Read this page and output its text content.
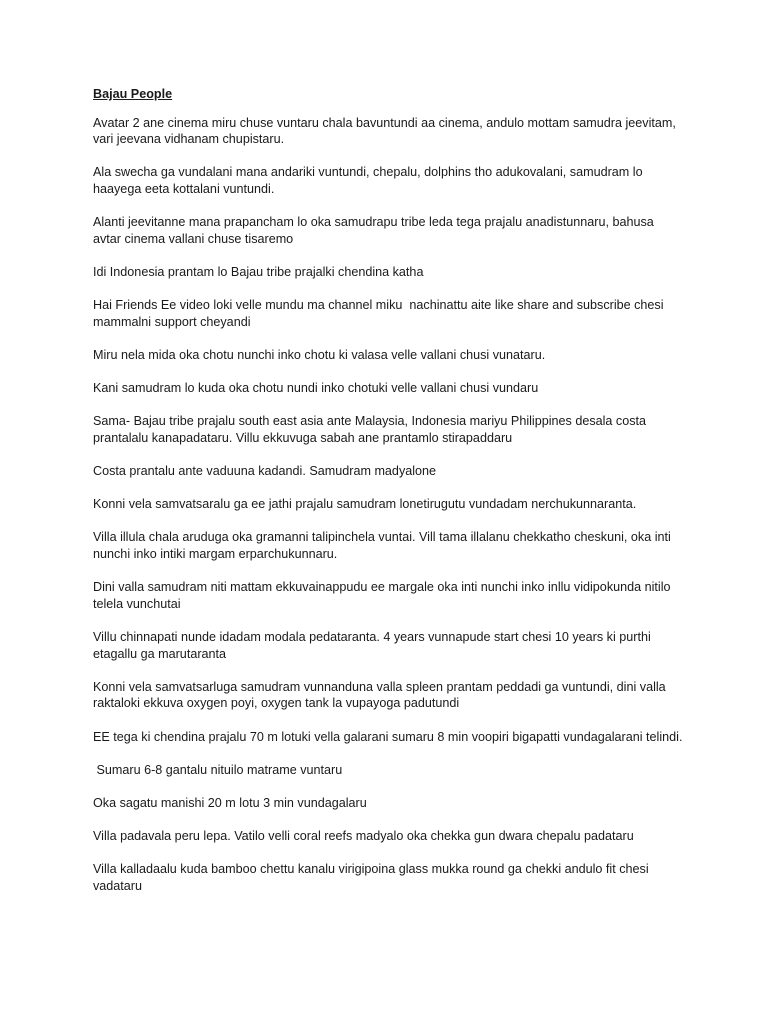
Bajau People

Avatar 2 ane cinema miru chuse vuntaru chala bavuntundi aa cinema, andulo mottam samudra jeevitam, vari jeevana vidhanam chupistaru.

Ala swecha ga vundalani mana andariki vuntundi, chepalu, dolphins tho adukovalani, samudram lo haayega eeta kottalani vuntundi.

Alanti jeevitanne mana prapancham lo oka samudrapu tribe leda tega prajalu anadistunnaru, bahusa avtar cinema vallani chuse tisaremo

Idi Indonesia prantam lo Bajau tribe prajalki chendina katha

Hai Friends Ee video loki velle mundu ma channel miku  nachinattu aite like share and subscribe chesi mammalni support cheyandi

Miru nela mida oka chotu nunchi inko chotu ki valasa velle vallani chusi vunataru.

Kani samudram lo kuda oka chotu nundi inko chotuki velle vallani chusi vundaru

Sama- Bajau tribe prajalu south east asia ante Malaysia, Indonesia mariyu Philippines desala costa prantalalu kanapadataru. Villu ekkuvuga sabah ane prantamlo stirapaddaru

Costa prantalu ante vaduuna kadandi. Samudram madyalone

Konni vela samvatsaralu ga ee jathi prajalu samudram lonetirugutu vundadam nerchukunnaranta.

Villa illula chala aruduga oka gramanni talipinchela vuntai. Vill tama illalanu chekkatho cheskuni, oka inti nunchi inko intiki margam erparchukunnaru.

Dini valla samudram niti mattam ekkuvainappudu ee margale oka inti nunchi inko inllu vidipokunda nitilo telela vunchutai

Villu chinnapati nunde idadam modala pedataranta. 4 years vunnapude start chesi 10 years ki purthi etagallu ga marutaranta

Konni vela samvatsarluga samudram vunnanduna valla spleen prantam peddadi ga vuntundi, dini valla raktaloki ekkuva oxygen poyi, oxygen tank la vupayoga padutundi

EE tega ki chendina prajalu 70 m lotuki vella galarani sumaru 8 min voopiri bigapatti vundagalarani telindi.

Sumaru 6-8 gantalu nituilo matrame vuntaru

Oka sagatu manishi 20 m lotu 3 min vundagalaru

Villa padavala peru lepa. Vatilo velli coral reefs madyalo oka chekka gun dwara chepalu padataru

Villa kalladaalu kuda bamboo chettu kanalu virigipoina glass mukka round ga chekki andulo fit chesi vadataru
